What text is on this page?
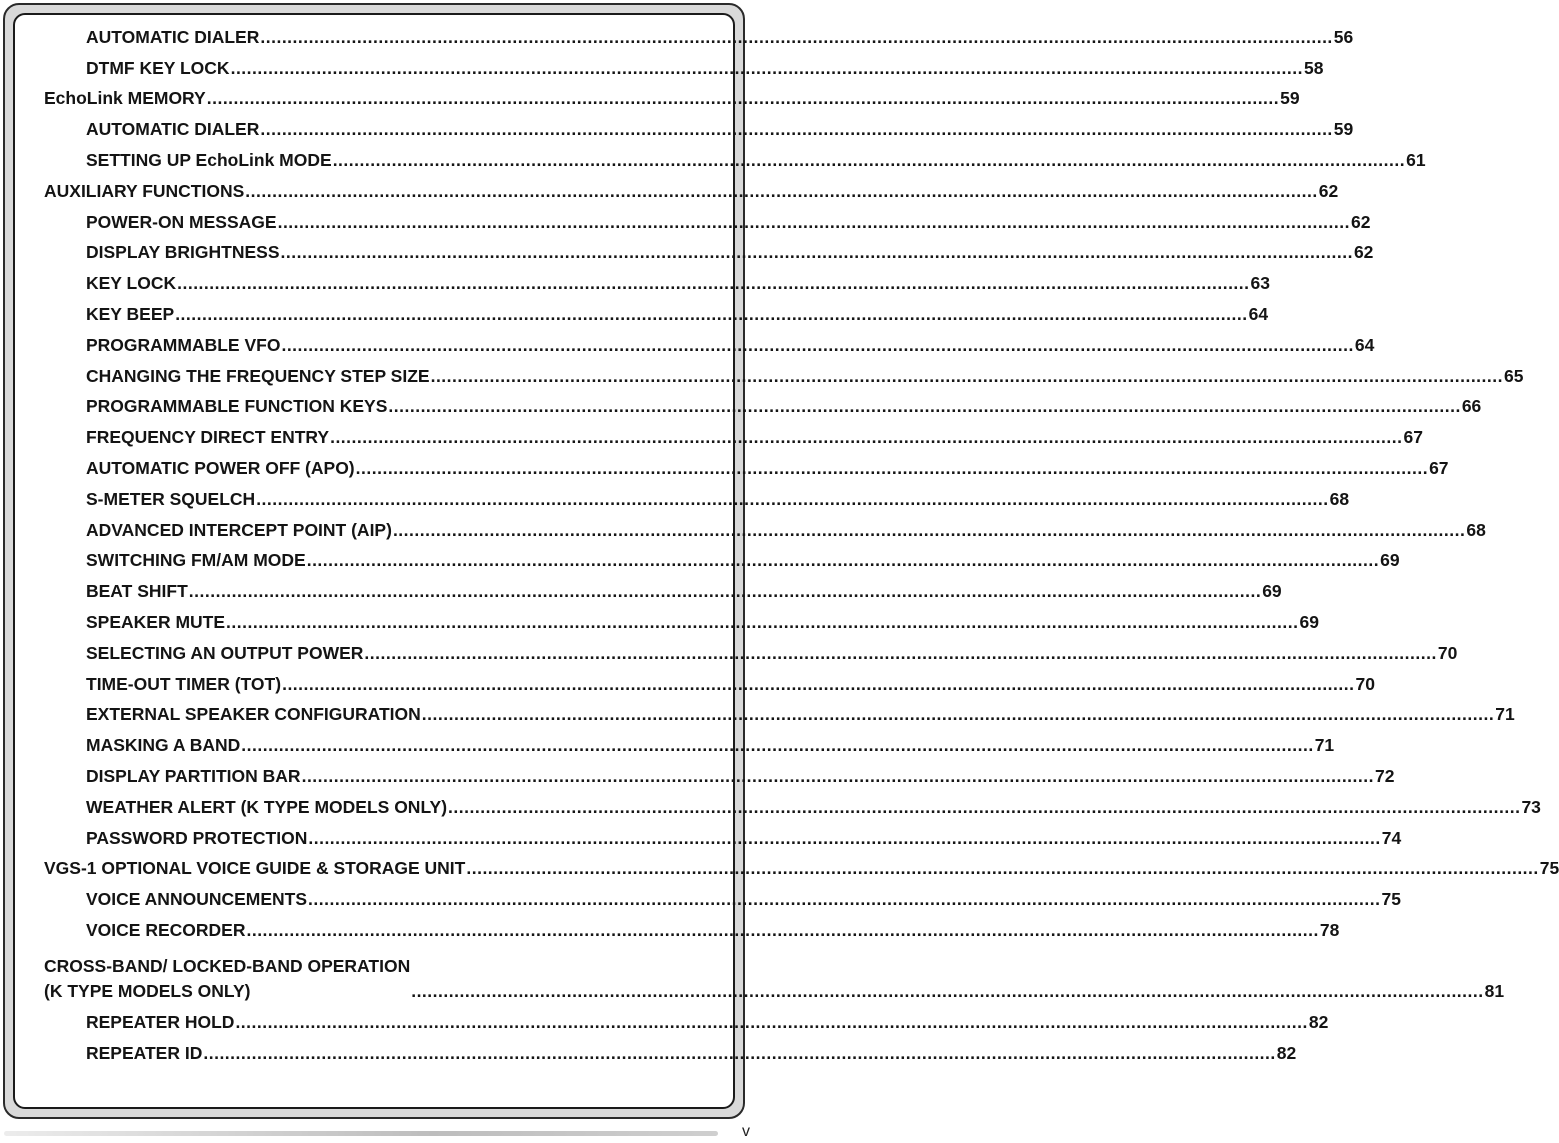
AUTOMATIC DIALER ........................................................................................................................................................................................................ 56
DTMF KEY LOCK ........................................................................................................................................................................................................ 58
EchoLink MEMORY ........................................................................................................................................................................................................ 59
AUTOMATIC DIALER ........................................................................................................................................................................................................ 59
SETTING UP EchoLink MODE ........................................................................................................................................................................................................ 61
AUXILIARY FUNCTIONS ........................................................................................................................................................................................................ 62
POWER-ON MESSAGE ........................................................................................................................................................................................................ 62
DISPLAY BRIGHTNESS ........................................................................................................................................................................................................ 62
KEY LOCK ........................................................................................................................................................................................................ 63
KEY BEEP ........................................................................................................................................................................................................ 64
PROGRAMMABLE VFO ........................................................................................................................................................................................................ 64
CHANGING THE FREQUENCY STEP SIZE ........................................................................................................................................................................................................ 65
PROGRAMMABLE FUNCTION KEYS ........................................................................................................................................................................................................ 66
FREQUENCY DIRECT ENTRY ........................................................................................................................................................................................................ 67
AUTOMATIC POWER OFF (APO) ........................................................................................................................................................................................................ 67
S-METER SQUELCH ........................................................................................................................................................................................................ 68
ADVANCED INTERCEPT POINT (AIP) ........................................................................................................................................................................................................ 68
SWITCHING FM/AM MODE ........................................................................................................................................................................................................ 69
BEAT SHIFT ........................................................................................................................................................................................................ 69
SPEAKER MUTE ........................................................................................................................................................................................................ 69
SELECTING AN OUTPUT POWER ........................................................................................................................................................................................................ 70
TIME-OUT TIMER (TOT) ........................................................................................................................................................................................................ 70
EXTERNAL SPEAKER CONFIGURATION ........................................................................................................................................................................................................ 71
MASKING A BAND ........................................................................................................................................................................................................ 71
DISPLAY PARTITION BAR ........................................................................................................................................................................................................ 72
WEATHER ALERT (K TYPE MODELS ONLY) ........................................................................................................................................................................................................ 73
PASSWORD PROTECTION ........................................................................................................................................................................................................ 74
VGS-1 OPTIONAL VOICE GUIDE & STORAGE UNIT ........................................................................................................................................................................................................ 75
VOICE ANNOUNCEMENTS ........................................................................................................................................................................................................ 75
VOICE RECORDER ........................................................................................................................................................................................................ 78
CROSS-BAND/ LOCKED-BAND OPERATION
(K TYPE MODELS ONLY)	........................................................................................................................................................................................................ 81
REPEATER HOLD ........................................................................................................................................................................................................ 82
REPEATER ID ........................................................................................................................................................................................................ 82
v
